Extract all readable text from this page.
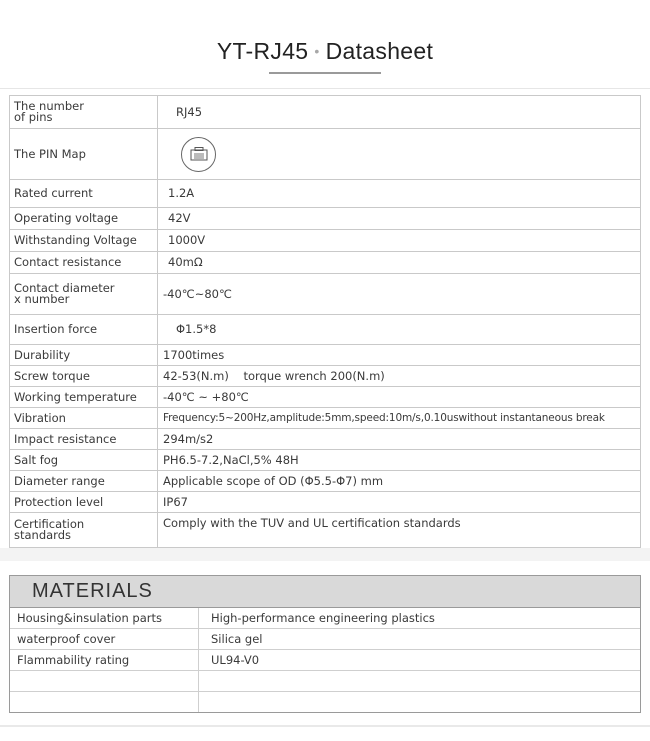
YT-RJ45 • Datasheet
The number
of pins	RJ45
The PIN Map	

Rated current	1.2A
Operating voltage	42V
Withstanding Voltage	1000V
Contact resistance	40mΩ
Contact diameter
x number	-40℃~80℃
Insertion force	Φ1.5*8
Durability	1700times
Screw torque	42-53(N.m)    torque wrench 200(N.m)
Working temperature	-40℃ ~ +80℃
Vibration	Frequency:5~200Hz,amplitude:5mm,speed:10m/s,0.10uswithout instantaneous break
Impact resistance	294m/s2
Salt fog	PH6.5-7.2,NaCl,5% 48H
Diameter range	Applicable scope of OD (Φ5.5-Φ7) mm
Protection level	IP67
Certification
standards	Comply with the TUV and UL certification standards
MATERIALS
Housing&insulation parts	High-performance engineering plastics
waterproof cover	Silica gel
Flammability rating	UL94-V0
